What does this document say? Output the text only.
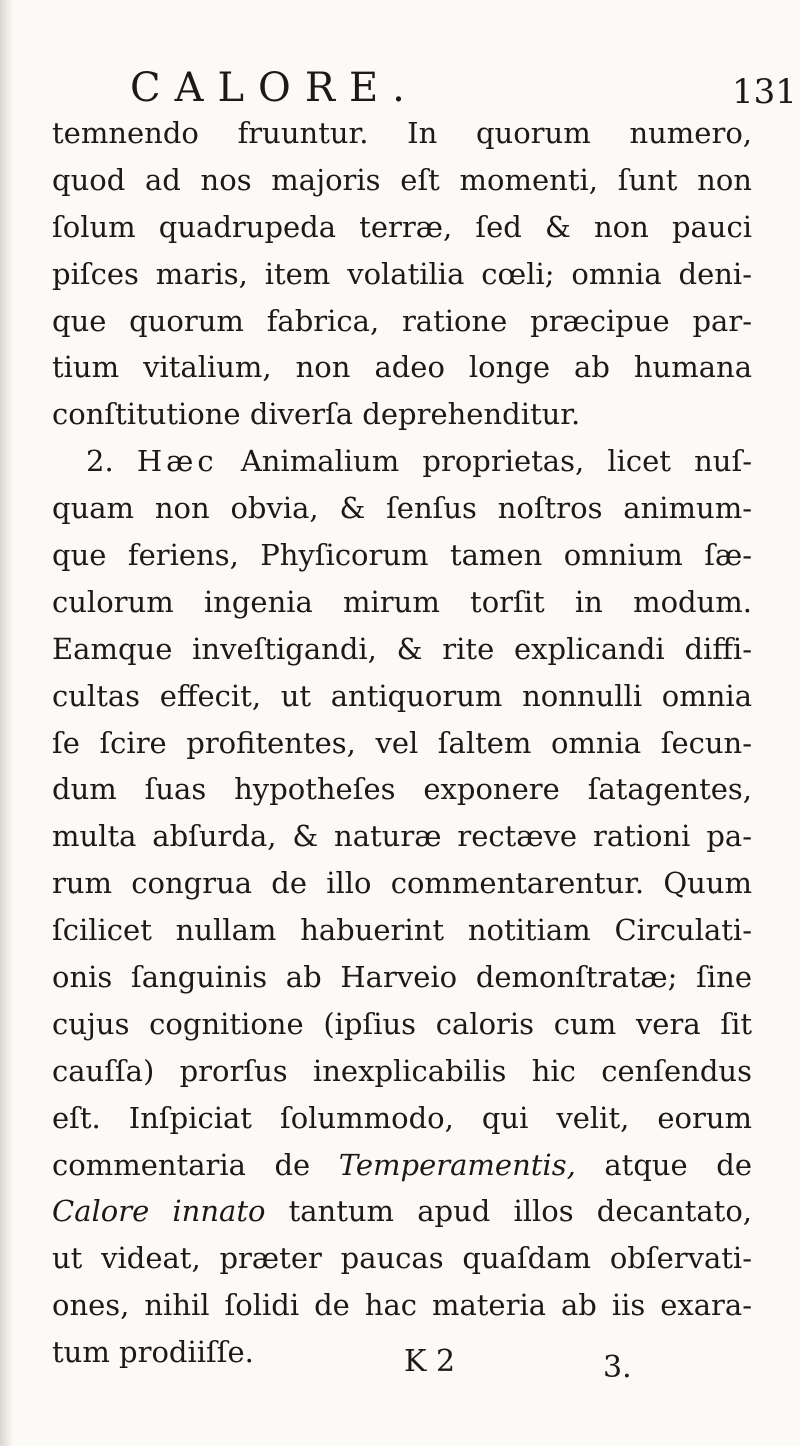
CALORE.	131
temnendo fruuntur. In quorum numero,
quod ad nos majoris eſt momenti, ſunt non
ſolum quadrupeda terræ, ſed & non pauci
piſces maris, item volatilia cœli; omnia deni-
que quorum fabrica, ratione præcipue par-
tium vitalium, non adeo longe ab humana
conſtitutione diverſa deprehenditur.
2. Hæc Animalium proprietas, licet nuſ-
quam non obvia, & ſenſus noſtros animum-
que feriens, Phyſicorum tamen omnium ſæ-
culorum ingenia mirum torſit in modum.
Eamque inveſtigandi, & rite explicandi diffi-
cultas effecit, ut antiquorum nonnulli omnia
ſe ſcire profitentes, vel ſaltem omnia ſecun-
dum ſuas hypotheſes exponere ſatagentes,
multa abſurda, & naturæ rectæve rationi pa-
rum congrua de illo commentarentur. Quum
ſcilicet nullam habuerint notitiam Circulati-
onis ſanguinis ab Harveio demonſtratæ; ſine
cujus cognitione (ipſius caloris cum vera ſit
cauſſa) prorſus inexplicabilis hic cenſendus
eſt. Inſpiciat ſolummodo, qui velit, eorum
commentaria de Temperamentis, atque de
Calore innato tantum apud illos decantato,
ut videat, præter paucas quaſdam obſervati-
ones, nihil ſolidi de hac materia ab iis exara-
tum prodiiſſe.	K 2	3.
